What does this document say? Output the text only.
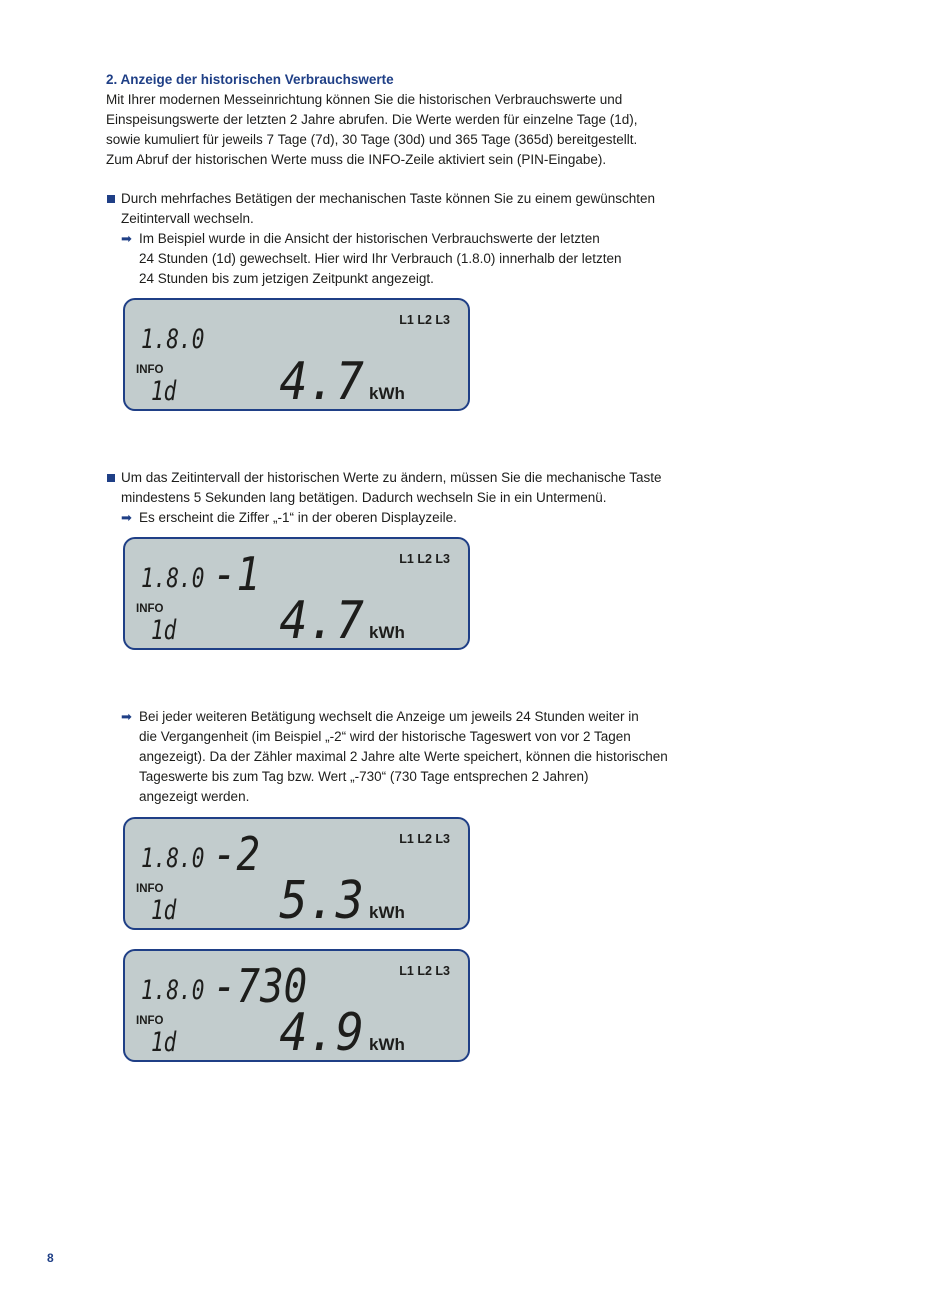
2. Anzeige der historischen Verbrauchswerte
Mit Ihrer modernen Messeinrichtung können Sie die historischen Verbrauchswerte und
Einspeisungswerte der letzten 2 Jahre abrufen. Die Werte werden für einzelne Tage (1d),
sowie kumuliert für jeweils 7 Tage (7d), 30 Tage (30d) und 365 Tage (365d) bereitgestellt.
Zum Abruf der historischen Werte muss die INFO-Zeile aktiviert sein (PIN-Eingabe).
Durch mehrfaches Betätigen der mechanischen Taste können Sie zu einem gewünschten
Zeitintervall wechseln.
➡ Im Beispiel wurde in die Ansicht der historischen Verbrauchswerte der letzten
24 Stunden (1d) gewechselt. Hier wird Ihr Verbrauch (1.8.0) innerhalb der letzten
24 Stunden bis zum jetzigen Zeitpunkt angezeigt.
L1 L2 L3
1.8.0
INFO
1d 4.7 kWh
Um das Zeitintervall der historischen Werte zu ändern, müssen Sie die mechanische Taste
mindestens 5 Sekunden lang betätigen. Dadurch wechseln Sie in ein Untermenü.
➡ Es erscheint die Ziffer „-1“ in der oberen Displayzeile.
L1 L2 L3
1.8.0 -1
INFO
1d 4.7 kWh
➡ Bei jeder weiteren Betätigung wechselt die Anzeige um jeweils 24 Stunden weiter in
die Vergangenheit (im Beispiel „-2“ wird der historische Tageswert von vor 2 Tagen
angezeigt). Da der Zähler maximal 2 Jahre alte Werte speichert, können die historischen
Tageswerte bis zum Tag bzw. Wert „-730“ (730 Tage entsprechen 2 Jahren)
angezeigt werden.
L1 L2 L3
1.8.0 -2
INFO
1d 5.3 kWh
L1 L2 L3
1.8.0 -730
INFO
1d 4.9 kWh
8
